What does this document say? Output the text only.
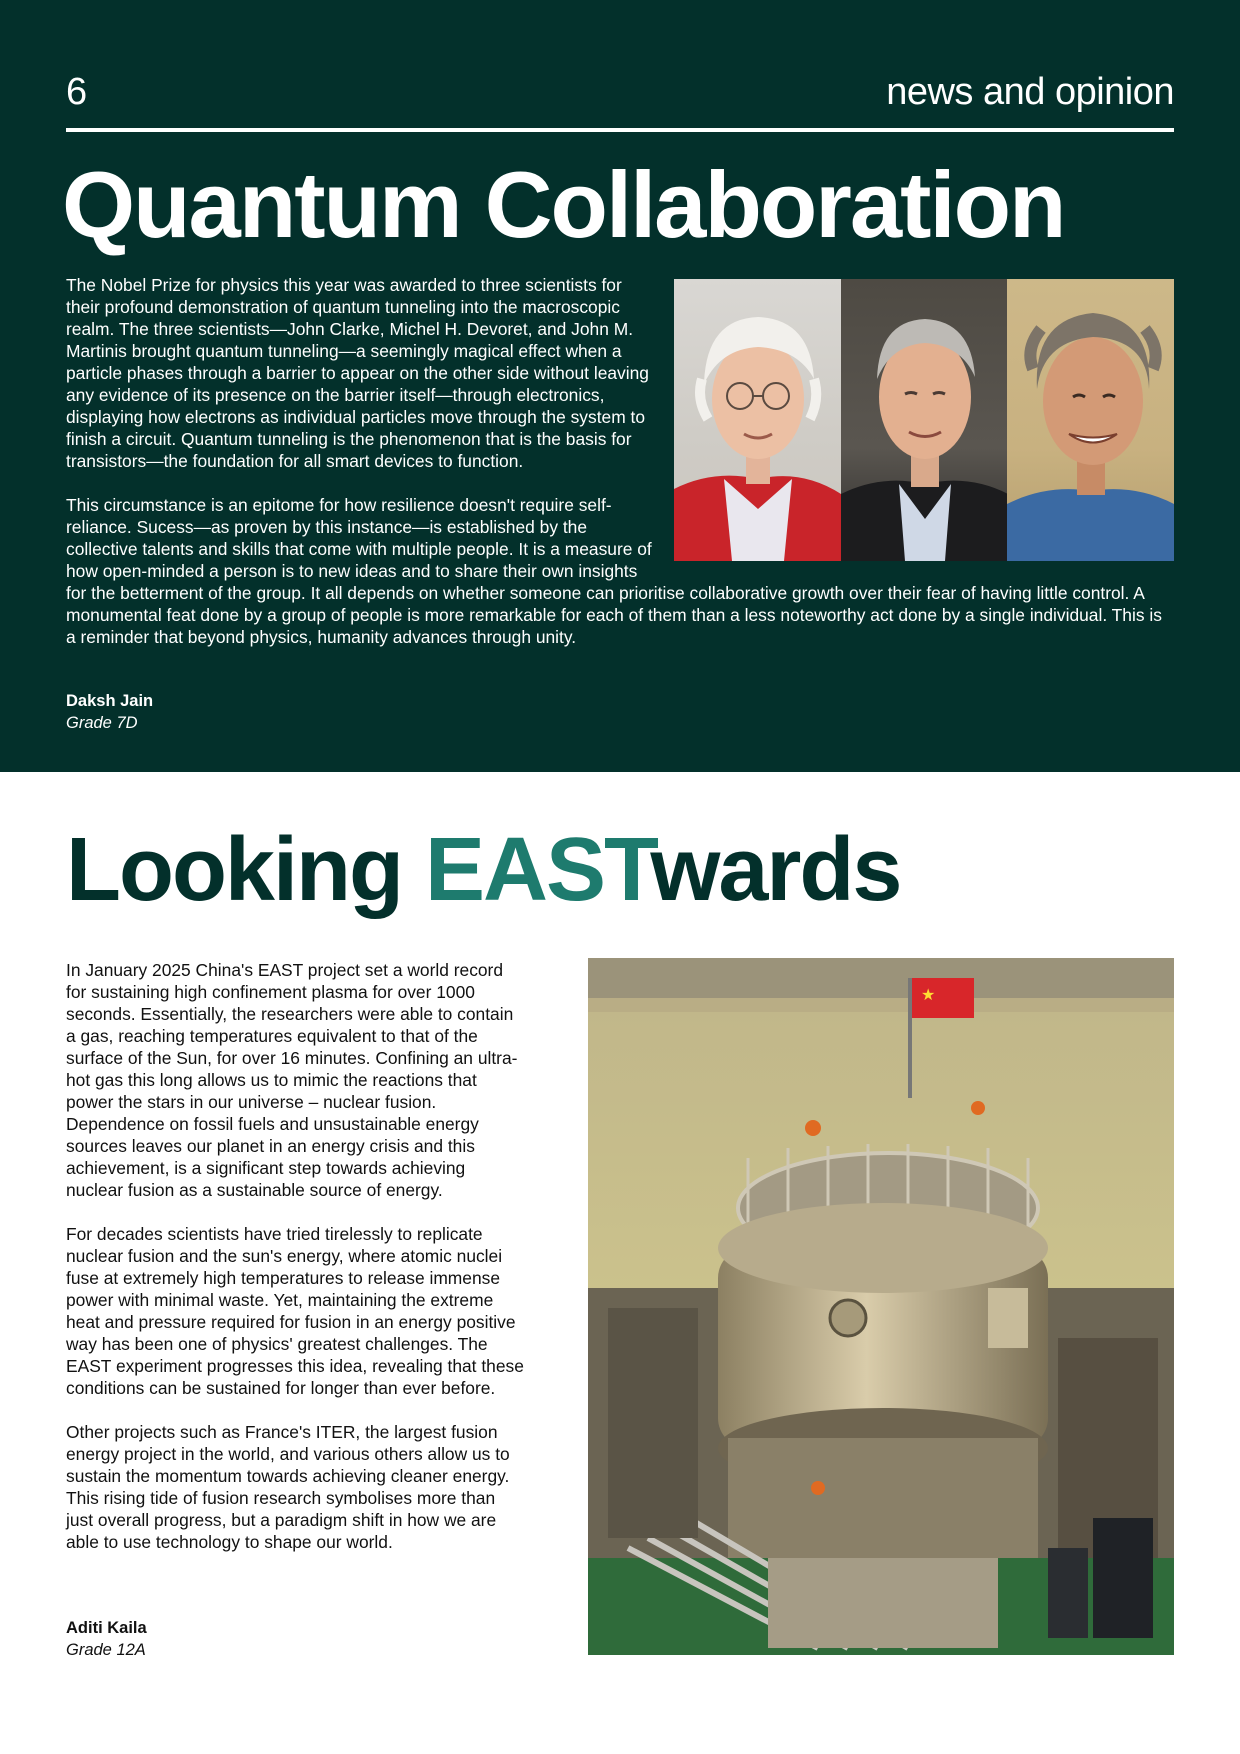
6	news and opinion
Quantum Collaboration

The Nobel Prize for physics this year was awarded to three scientists for their profound demonstration of quantum tunneling into the macroscopic realm. The three scientists—John Clarke, Michel H. Devoret, and John M. Martinis brought quantum tunneling—a seemingly magical effect when a particle phases through a barrier to appear on the other side without leaving any evidence of its presence on the barrier itself—through electronics, displaying how electrons as individual particles move through the system to finish a circuit. Quantum tunneling is the phenomenon that is the basis for transistors—the foundation for all smart devices to function.

This circumstance is an epitome for how resilience doesn't require self-reliance. Sucess—as proven by this instance—is established by the collective talents and skills that come with multiple people. It is a measure of how open-minded a person is to new ideas and to share their own insights for the betterment of the group. It all depends on whether someone can prioritise collaborative growth over their fear of having little control. A monumental feat done by a group of people is more remarkable for each of them than a less noteworthy act done by a single individual. This is a reminder that beyond physics, humanity advances through unity.

Daksh Jain
Grade 7D
Looking EASTwards

In January 2025 China's EAST project set a world record for sustaining high confinement plasma for over 1000 seconds. Essentially, the researchers were able to contain a gas, reaching temperatures equivalent to that of the surface of the Sun, for over 16 minutes. Confining an ultra-hot gas this long allows us to mimic the reactions that power the stars in our universe – nuclear fusion. Dependence on fossil fuels and unsustainable energy sources leaves our planet in an energy crisis and this achievement, is a significant step towards achieving nuclear fusion as a sustainable source of energy.

For decades scientists have tried tirelessly to replicate nuclear fusion and the sun's energy, where atomic nuclei fuse at extremely high temperatures to release immense power with minimal waste. Yet, maintaining the extreme heat and pressure required for fusion in an energy positive way has been one of physics' greatest challenges. The EAST experiment progresses this idea, revealing that these conditions can be sustained for longer than ever before.

Other projects such as France's ITER, the largest fusion energy project in the world, and various others allow us to sustain the momentum towards achieving cleaner energy. This rising tide of fusion research symbolises more than just overall progress, but a paradigm shift in how we are able to use technology to shape our world.

Aditi Kaila
Grade 12A
★
